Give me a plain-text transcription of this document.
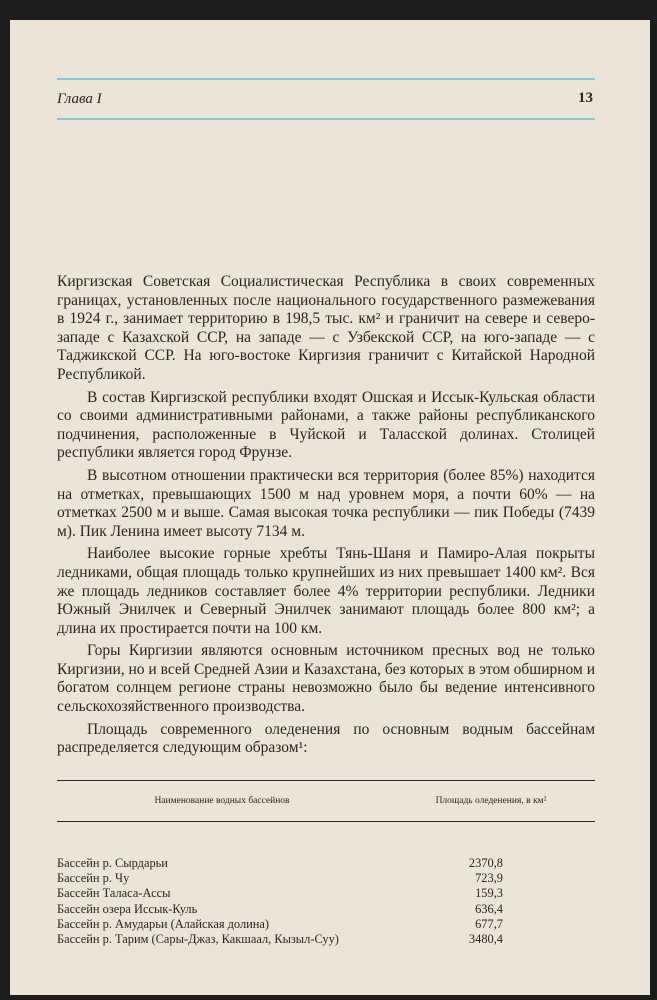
Глава I	13

Киргизская Советская Социалистическая Республика в своих современных границах, установленных после национального государственного размежевания в 1924 г., занимает территорию в 198,5 тыс. км² и граничит на севере и северо-западе с Казахской ССР, на западе — с Узбекской ССР, на юго-западе — с Таджикской ССР. На юго-востоке Киргизия граничит с Китайской Народной Республикой.

В состав Киргизской республики входят Ошская и Иссык-Кульская области со своими административными районами, а также районы республиканского подчинения, расположенные в Чуйской и Таласской долинах. Столицей республики является город Фрунзе.

В высотном отношении практически вся территория (более 85%) находится на отметках, превышающих 1500 м над уровнем моря, а почти 60% — на отметках 2500 м и выше. Самая высокая точка республики — пик Победы (7439 м). Пик Ленина имеет высоту 7134 м.

Наиболее высокие горные хребты Тянь-Шаня и Памиро-Алая покрыты ледниками, общая площадь только крупнейших из них превышает 1400 км². Вся же площадь ледников составляет более 4% территории республики. Ледники Южный Энилчек и Северный Энилчек занимают площадь более 800 км²; а длина их простирается почти на 100 км.

Горы Киргизии являются основным источником пресных вод не только Киргизии, но и всей Средней Азии и Казахстана, без которых в этом обширном и богатом солнцем регионе страны невозможно было бы ведение интенсивного сельскохозяйственного производства.

Площадь современного оледенения по основным водным бассейнам распределяется следующим образом¹:

Наименование водных бассейнов	Площадь оледенения, в км²
Бассейн р. Сырдарьи	2370,8
Бассейн р. Чу	723,9
Бассейн Таласа-Ассы	159,3
Бассейн озера Иссык-Куль	636,4
Бассейн р. Амударьи (Алайская долина)	677,7
Бассейн р. Тарим (Сары-Джаз, Какшаал, Кызыл-Суу)	3480,4
